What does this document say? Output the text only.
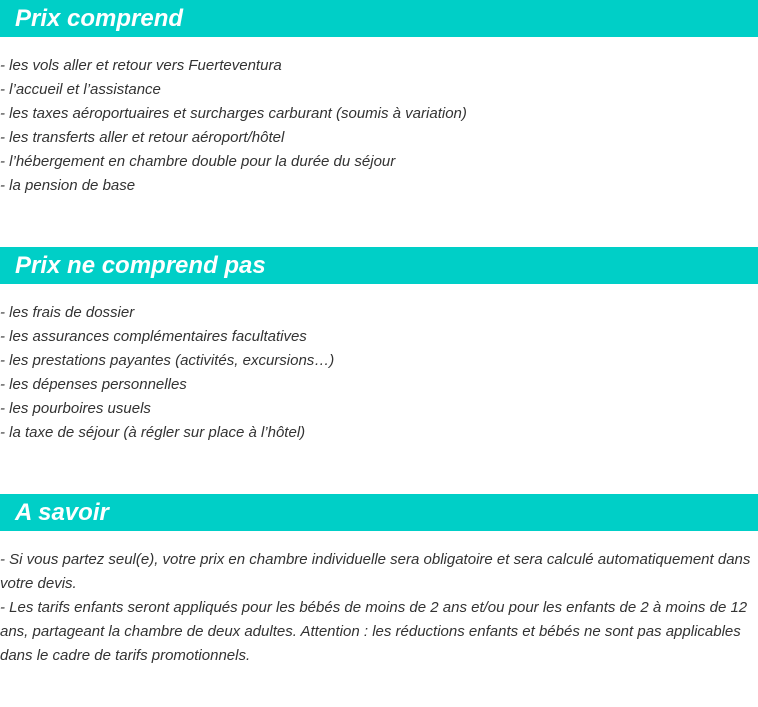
Prix comprend
- les vols aller et retour vers Fuerteventura
- l’accueil et l’assistance
- les taxes aéroportuaires et surcharges carburant (soumis à variation)
- les transferts aller et retour aéroport/hôtel
- l’hébergement en chambre double pour la durée du séjour
- la pension de base
Prix ne comprend pas
- les frais de dossier
- les assurances complémentaires facultatives
- les prestations payantes (activités, excursions…)
- les dépenses personnelles
- les pourboires usuels
- la taxe de séjour (à régler sur place à l’hôtel)
A savoir

- Si vous partez seul(e), votre prix en chambre individuelle sera obligatoire et sera calculé automatiquement dans votre devis.

- Les tarifs enfants seront appliqués pour les bébés de moins de 2 ans et/ou pour les enfants de 2 à moins de 12 ans, partageant la chambre de deux adultes. Attention : les réductions enfants et bébés ne sont pas applicables dans le cadre de tarifs promotionnels.
